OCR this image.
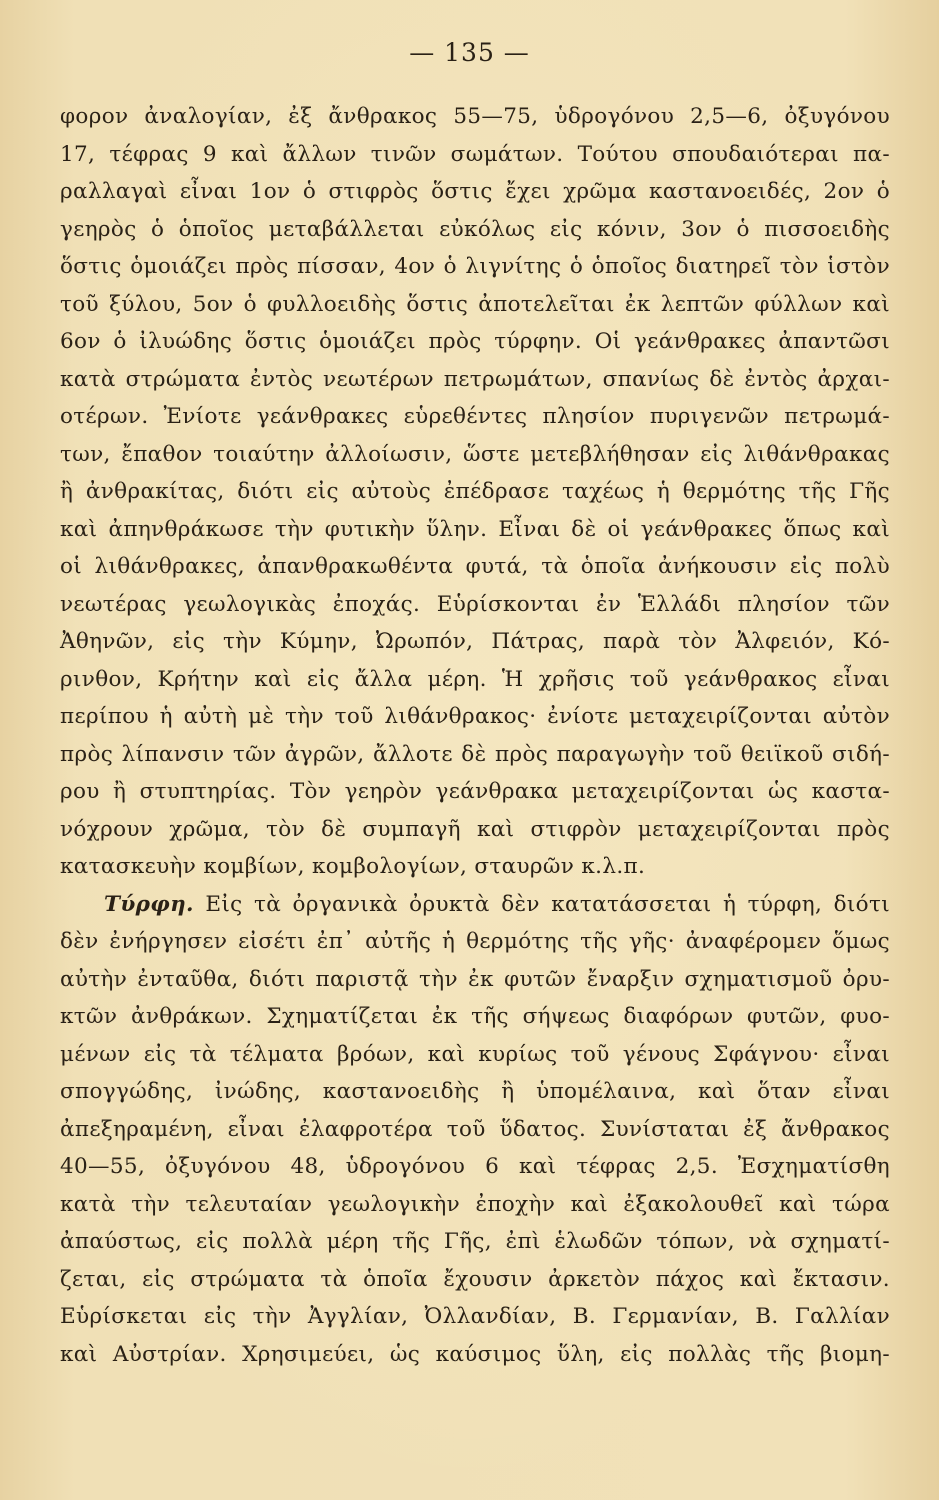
— 135 —
φορον ἀναλογίαν, ἐξ ἄνθρακος 55—75, ὑδρογόνου 2,5—6, ὀξυγόνου
17, τέφρας 9 καὶ ἄλλων τινῶν σωμάτων. Τούτου σπουδαιότεραι πα-
ραλλαγαὶ εἶναι 1ον ὁ στιφρὸς ὅστις ἔχει χρῶμα καστανοειδές, 2ον ὁ
γεηρὸς ὁ ὁποῖος μεταβάλλεται εὐκόλως εἰς κόνιν, 3ον ὁ πισσοειδὴς
ὅστις ὁμοιάζει πρὸς πίσσαν, 4ον ὁ λιγνίτης ὁ ὁποῖος διατηρεῖ τὸν ἱστὸν
τοῦ ξύλου, 5ον ὁ φυλλοειδὴς ὅστις ἀποτελεῖται ἐκ λεπτῶν φύλλων καὶ
6ον ὁ ἰλυώδης ὅστις ὁμοιάζει πρὸς τύρφην. Οἱ γεάνθρακες ἀπαντῶσι
κατὰ στρώματα ἐντὸς νεωτέρων πετρωμάτων, σπανίως δὲ ἐντὸς ἀρχαι-
οτέρων. Ἐνίοτε γεάνθρακες εὑρεθέντες πλησίον πυριγενῶν πετρωμά-
των, ἔπαθον τοιαύτην ἀλλοίωσιν, ὥστε μετεβλήθησαν εἰς λιθάνθρακας
ἢ ἀνθρακίτας, διότι εἰς αὐτοὺς ἐπέδρασε ταχέως ἡ θερμότης τῆς Γῆς
καὶ ἀπηνθράκωσε τὴν φυτικὴν ὕλην. Εἶναι δὲ οἱ γεάνθρακες ὅπως καὶ
οἱ λιθάνθρακες, ἀπανθρακωθέντα φυτά, τὰ ὁποῖα ἀνήκουσιν εἰς πολὺ
νεωτέρας γεωλογικὰς ἐποχάς. Εὑρίσκονται ἐν Ἑλλάδι πλησίον τῶν
Ἀθηνῶν, εἰς τὴν Κύμην, Ὠρωπόν, Πάτρας, παρὰ τὸν Ἀλφειόν, Κό-
ρινθον, Κρήτην καὶ εἰς ἄλλα μέρη. Ἡ χρῆσις τοῦ γεάνθρακος εἶναι
περίπου ἡ αὐτὴ μὲ τὴν τοῦ λιθάνθρακος· ἐνίοτε μεταχειρίζονται αὐτὸν
πρὸς λίπανσιν τῶν ἀγρῶν, ἄλλοτε δὲ πρὸς παραγωγὴν τοῦ θειϊκοῦ σιδή-
ρου ἢ στυπτηρίας. Τὸν γεηρὸν γεάνθρακα μεταχειρίζονται ὡς καστα-
νόχρουν χρῶμα, τὸν δὲ συμπαγῆ καὶ στιφρὸν μεταχειρίζονται πρὸς
κατασκευὴν κομβίων, κομβολογίων, σταυρῶν κ.λ.π.
Τύρφη. Εἰς τὰ ὀργανικὰ ὀρυκτὰ δὲν κατατάσσεται ἡ τύρφη, διότι
δὲν ἐνήργησεν εἰσέτι ἐπ᾽ αὐτῆς ἡ θερμότης τῆς γῆς· ἀναφέρομεν ὅμως
αὐτὴν ἐνταῦθα, διότι παριστᾷ τὴν ἐκ φυτῶν ἔναρξιν σχηματισμοῦ ὀρυ-
κτῶν ἀνθράκων. Σχηματίζεται ἐκ τῆς σήψεως διαφόρων φυτῶν, φυο-
μένων εἰς τὰ τέλματα βρόων, καὶ κυρίως τοῦ γένους Σφάγνου· εἶναι
σπογγώδης, ἰνώδης, καστανοειδὴς ἢ ὑπομέλαινα, καὶ ὅταν εἶναι
ἀπεξηραμένη, εἶναι ἐλαφροτέρα τοῦ ὕδατος. Συνίσταται ἐξ ἄνθρακος
40—55, ὀξυγόνου 48, ὑδρογόνου 6 καὶ τέφρας 2,5. Ἐσχηματίσθη
κατὰ τὴν τελευταίαν γεωλογικὴν ἐποχὴν καὶ ἐξακολουθεῖ καὶ τώρα
ἀπαύστως, εἰς πολλὰ μέρη τῆς Γῆς, ἐπὶ ἑλωδῶν τόπων, νὰ σχηματί-
ζεται, εἰς στρώματα τὰ ὁποῖα ἔχουσιν ἀρκετὸν πάχος καὶ ἔκτασιν.
Εὑρίσκεται εἰς τὴν Ἀγγλίαν, Ὀλλανδίαν, Β. Γερμανίαν, Β. Γαλλίαν
καὶ Αὐστρίαν. Χρησιμεύει, ὡς καύσιμος ὕλη, εἰς πολλὰς τῆς βιομη-
